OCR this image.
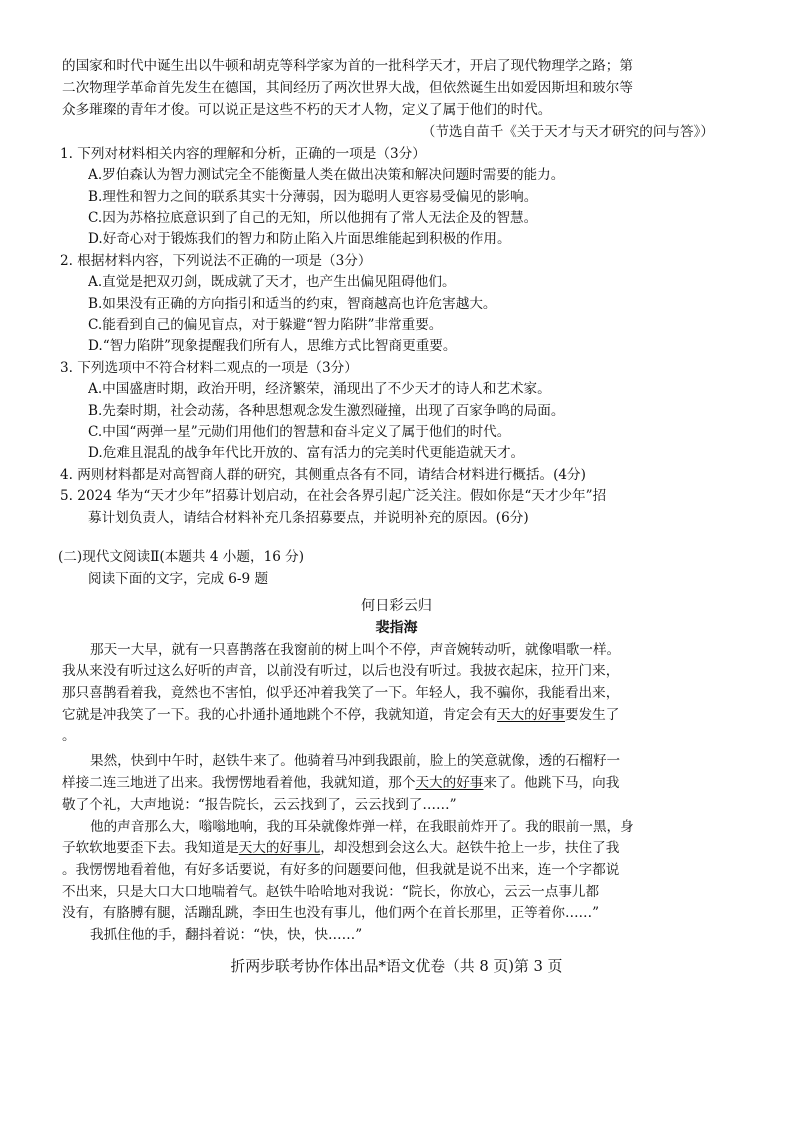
的国家和时代中诞生出以牛顿和胡克等科学家为首的一批科学天才，开启了现代物理学之路；第
二次物理学革命首先发生在德国，其间经历了两次世界大战，但依然诞生出如爱因斯坦和玻尔等
众多璀璨的青年才俊。可以说正是这些不朽的天才人物，定义了属于他们的时代。
（节选自苗千《关于天才与天才研究的问与答》）
1. 下列对材料相关内容的理解和分析，正确的一项是（3分）
A.罗伯森认为智力测试完全不能衡量人类在做出决策和解决问题时需要的能力。
B.理性和智力之间的联系其实十分薄弱，因为聪明人更容易受偏见的影响。
C.因为苏格拉底意识到了自己的无知，所以他拥有了常人无法企及的智慧。
D.好奇心对于锻炼我们的智力和防止陷入片面思维能起到积极的作用。
2. 根据材料内容，下列说法不正确的一项是（3分）
A.直觉是把双刃剑，既成就了天才，也产生出偏见阻碍他们。
B.如果没有正确的方向指引和适当的约束，智商越高也许危害越大。
C.能看到自己的偏见盲点，对于躲避“智力陷阱”非常重要。
D.“智力陷阱”现象提醒我们所有人，思维方式比智商更重要。
3. 下列选项中不符合材料二观点的一项是（3分）
A.中国盛唐时期，政治开明，经济繁荣，涌现出了不少天才的诗人和艺术家。
B.先秦时期，社会动荡，各种思想观念发生激烈碰撞，出现了百家争鸣的局面。
C.中国“两弹一星”元勋们用他们的智慧和奋斗定义了属于他们的时代。
D.危难且混乱的战争年代比开放的、富有活力的完美时代更能造就天才。
4. 两则材料都是对高智商人群的研究，其侧重点各有不同，请结合材料进行概括。(4分)
5. 2024 华为“天才少年”招募计划启动，在社会各界引起广泛关注。假如你是“天才少年”招
募计划负责人，请结合材料补充几条招募要点，并说明补充的原因。(6分)
(二)现代文阅读Ⅱ(本题共 4 小题，16 分)
阅读下面的文字，完成 6-9 题
何日彩云归
裴指海
那天一大早，就有一只喜鹊落在我窗前的树上叫个不停，声音婉转动听，就像唱歌一样。
我从来没有听过这么好听的声音，以前没有听过，以后也没有听过。我披衣起床，拉开门来，
那只喜鹊看着我，竟然也不害怕，似乎还冲着我笑了一下。年轻人，我不骗你，我能看出来，
它就是冲我笑了一下。我的心扑通扑通地跳个不停，我就知道，肯定会有天大的好事要发生了
。
果然，快到中午时，赵铁牛来了。他骑着马冲到我跟前，脸上的笑意就像，透的石榴籽一
样接二连三地迸了出来。我愣愣地看着他，我就知道，那个天大的好事来了。他跳下马，向我
敬了个礼，大声地说：“报告院长，云云找到了，云云找到了……”
他的声音那么大，嗡嗡地响，我的耳朵就像炸弹一样，在我眼前炸开了。我的眼前一黑，身
子软软地要歪下去。我知道是天大的好事儿，却没想到会这么大。赵铁牛抢上一步，扶住了我
。我愣愣地看着他，有好多话要说，有好多的问题要问他，但我就是说不出来，连一个字都说
不出来，只是大口大口地喘着气。赵铁牛哈哈地对我说：“院长，你放心，云云一点事儿都
没有，有胳膊有腿，活蹦乱跳，李田生也没有事儿，他们两个在首长那里，正等着你……”
我抓住他的手，翻抖着说：“快，快，快……”
折两步联考协作体出品*语文优卷（共 8 页)第 3 页
